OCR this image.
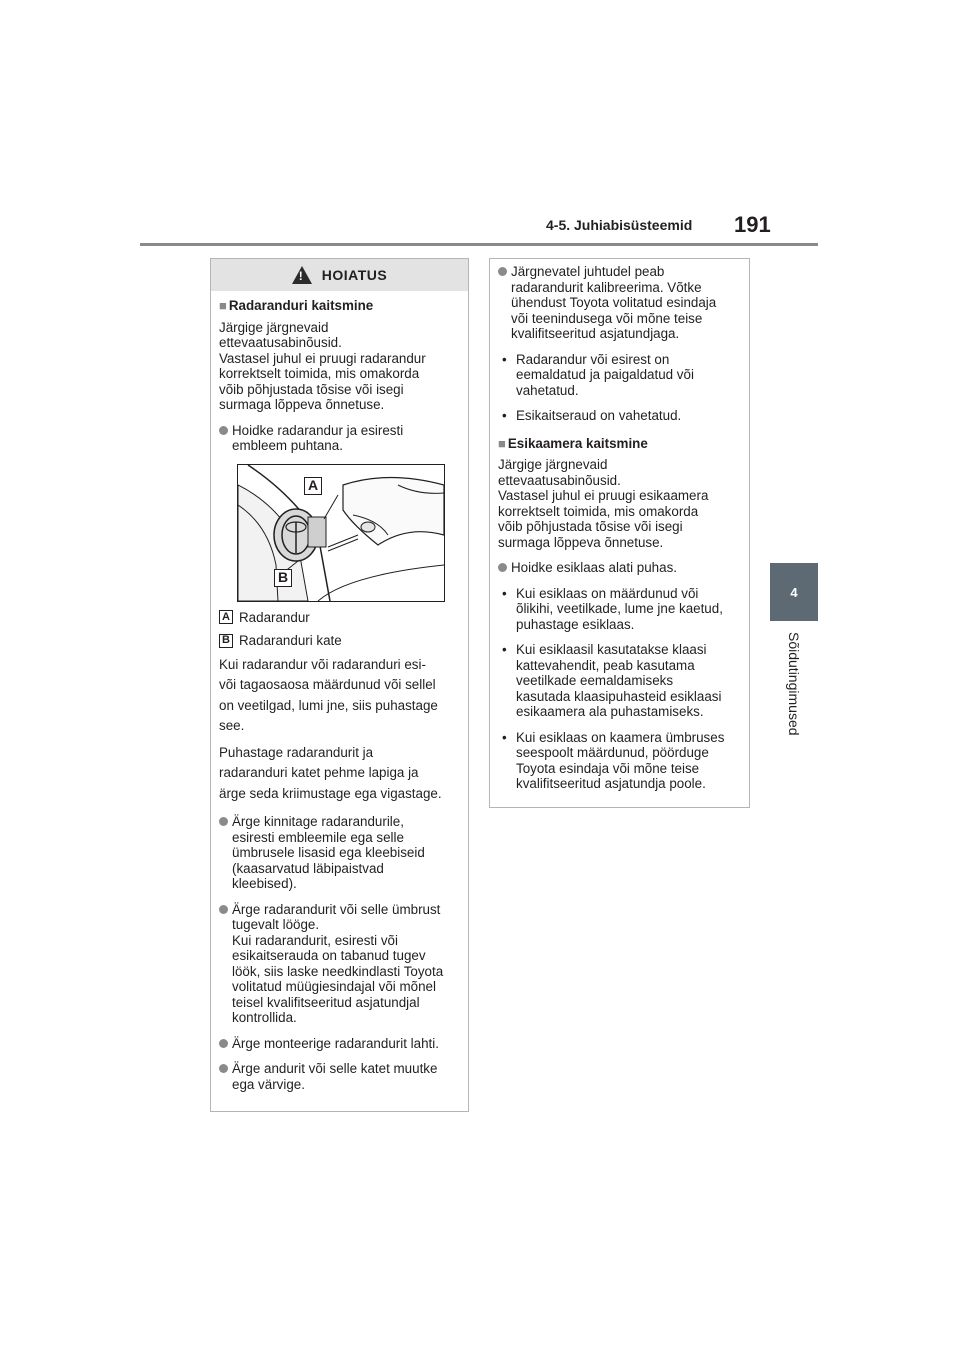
4-5. Juhiabisüsteemid 191
4
Sõidutingimused
! HOIATUS
■ Radaranduri kaitsmine
Järgige järgnevaid
ettevaatusabinõusid.
Vastasel juhul ei pruugi radarandur
korrektselt toimida, mis omakorda
võib põhjustada tõsise või isegi
surmaga lõppeva õnnetuse.
Hoidke radarandur ja esiresti
embleem puhtana.
A
B
A Radarandur
B Radaranduri kate
Kui radarandur või radaranduri esi-
või tagaosaosa määrdunud või sellel
on veetilgad, lumi jne, siis puhastage
see.
Puhastage radarandurit ja
radaranduri katet pehme lapiga ja
ärge seda kriimustage ega vigastage.
Ärge kinnitage radarandurile,
esiresti embleemile ega selle
ümbrusele lisasid ega kleebiseid
(kaasarvatud läbipaistvad
kleebised).
Ärge radarandurit või selle ümbrust
tugevalt lööge.
Kui radarandurit, esiresti või
esikaitserauda on tabanud tugev
löök, siis laske needkindlasti Toyota
volitatud müügiesindajal või mõnel
teisel kvalifitseeritud asjatundjal
kontrollida.
Ärge monteerige radarandurit lahti.
Ärge andurit või selle katet muutke
ega värvige.
Järgnevatel juhtudel peab
radarandurit kalibreerima. Võtke
ühendust Toyota volitatud esindaja
või teenindusega või mõne teise
kvalifitseeritud asjatundjaga.
• Radarandur või esirest on
eemaldatud ja paigaldatud või
vahetatud.
• Esikaitseraud on vahetatud.
■ Esikaamera kaitsmine
Järgige järgnevaid
ettevaatusabinõusid.
Vastasel juhul ei pruugi esikaamera
korrektselt toimida, mis omakorda
võib põhjustada tõsise või isegi
surmaga lõppeva õnnetuse.
Hoidke esiklaas alati puhas.
• Kui esiklaas on määrdunud või
õlikihi, veetilkade, lume jne kaetud,
puhastage esiklaas.
• Kui esiklaasil kasutatakse klaasi
kattevahendit, peab kasutama
veetilkade eemaldamiseks
kasutada klaasipuhasteid esiklaasi
esikaamera ala puhastamiseks.
• Kui esiklaas on kaamera ümbruses
seespoolt määrdunud, pöörduge
Toyota esindaja või mõne teise
kvalifitseeritud asjatundja poole.
